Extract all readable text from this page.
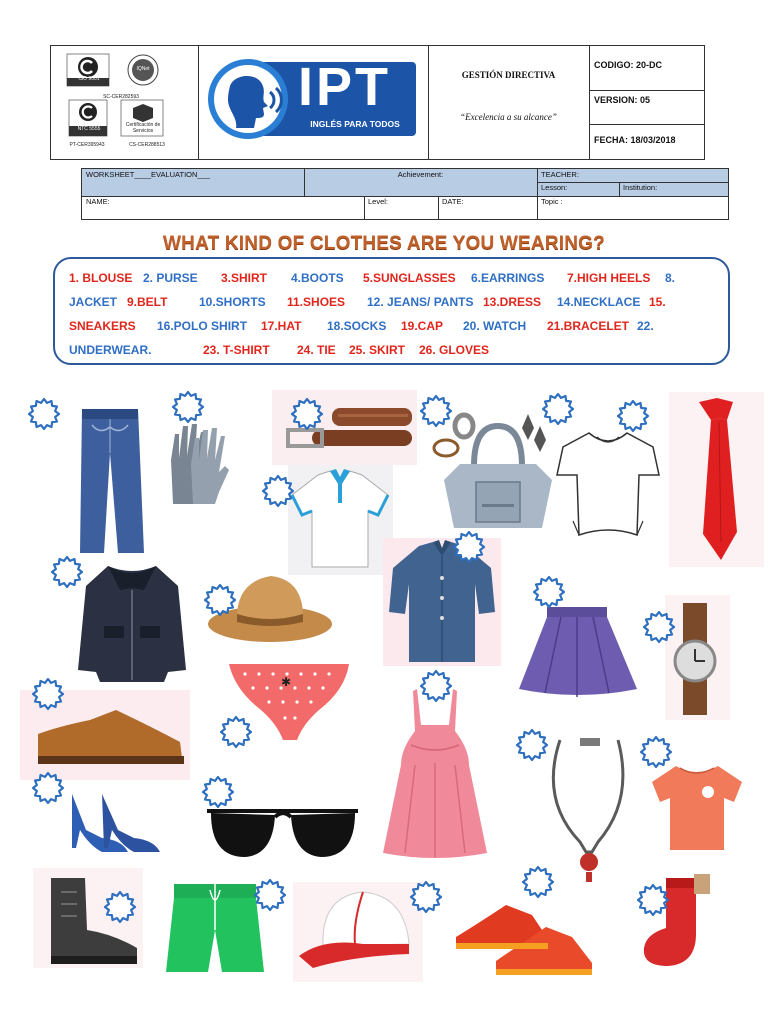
ISO 9001
IQNet
SC-CER282593
NTC 5555
Certificación de Servicios
PT-CER395943	CS-CER288513
IPT
INGLÉS PARA TODOS
GESTIÓN DIRECTIVA
“Excelencia a su alcance”
CODIGO: 20-DC
VERSION: 05
FECHA: 18/03/2018
WORKSHEET____EVALUATION___	Achievement:	TEACHER:
Lesson:	Institution:
NAME:	Level:	DATE:	Topic :
WHAT KIND OF CLOTHES ARE YOU WEARING?
1. BLOUSE 2. PURSE 3.SHIRT 4.BOOTS 5.SUNGLASSES 6.EARRINGS 7.HIGH HEELS 8.
JACKET 9.BELT	10.SHORTS 11.SHOES 12. JEANS/ PANTS 13.DRESS 14.NECKLACE 15.
SNEAKERS 16.POLO SHIRT 17.HAT 18.SOCKS 19.CAP 20. WATCH 21.BRACELET 22.
UNDERWEAR.	23. T-SHIRT 24. TIE 25. SKIRT 26. GLOVES
✱
